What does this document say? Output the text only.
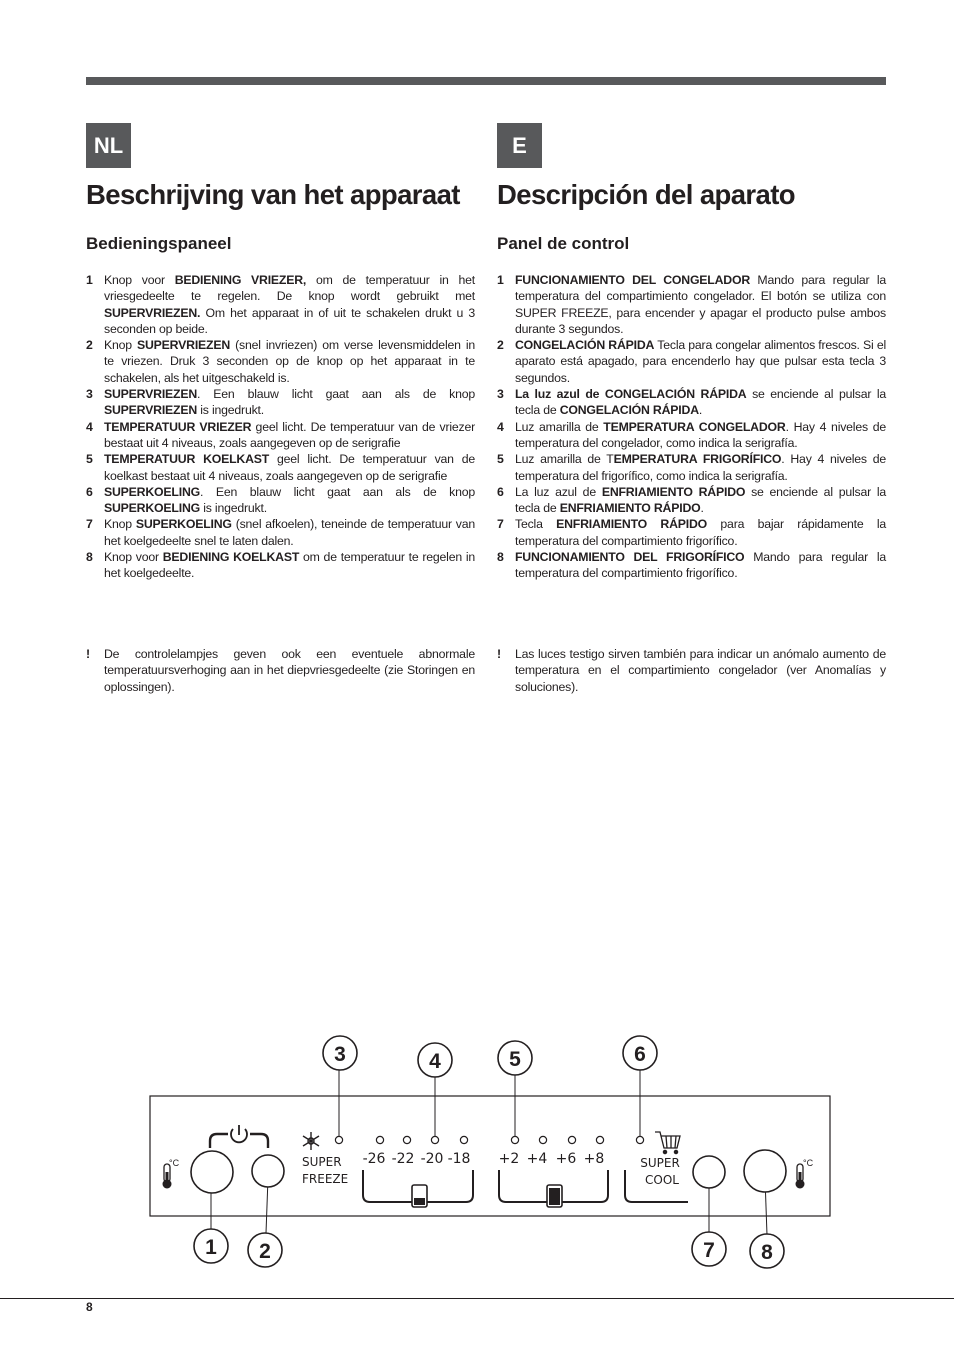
NL
Beschrijving van het apparaat
Bedieningspaneel
1 Knop voor BEDIENING VRIEZER, om de temperatuur in het vriesgedeelte te regelen. De knop wordt gebruikt met SUPERVRIEZEN. Om het apparaat in of uit te schakelen drukt u 3 seconden op beide.
2 Knop SUPERVRIEZEN (snel invriezen) om verse levensmiddelen in te vriezen. Druk 3 seconden op de knop op het apparaat in te schakelen, als het uitgeschakeld is.
3 SUPERVRIEZEN. Een blauw licht gaat aan als de knop SUPERVRIEZEN is ingedrukt.
4 TEMPERATUUR VRIEZER geel licht. De temperatuur van de vriezer bestaat uit 4 niveaus, zoals aangegeven op de serigrafie
5 TEMPERATUUR KOELKAST geel licht. De temperatuur van de koelkast bestaat uit 4 niveaus, zoals aangegeven op de serigrafie
6 SUPERKOELING. Een blauw licht gaat aan als de knop SUPERKOELING is ingedrukt.
7 Knop SUPERKOELING (snel afkoelen), teneinde de temperatuur van het koelgedeelte snel te laten dalen.
8 Knop voor BEDIENING KOELKAST om de temperatuur te regelen in het koelgedeelte.
E
Descripción del aparato
Panel de control
1 FUNCIONAMIENTO DEL CONGELADOR Mando para regular la temperatura del compartimiento congelador. El botón se utiliza con SUPER FREEZE, para encender y apagar el producto pulse ambos durante 3 segundos.
2 CONGELACIÓN RÁPIDA Tecla para congelar alimentos frescos. Si el aparato está apagado, para encenderlo hay que pulsar esta tecla 3 segundos.
3 La luz azul de CONGELACIÓN RÁPIDA se enciende al pulsar la tecla de CONGELACIÓN RÁPIDA.
4 Luz amarilla de TEMPERATURA CONGELADOR. Hay 4 niveles de temperatura del congelador, como indica la serigrafía.
5 Luz amarilla de TEMPERATURA FRIGORÍFICO. Hay 4 niveles de temperatura del frigorífico, como indica la serigrafía.
6 La luz azul de ENFRIAMIENTO RÁPIDO se enciende al pulsar la tecla de ENFRIAMIENTO RÁPIDO.
7 Tecla ENFRIAMIENTO RÁPIDO para bajar rápidamente la temperatura del compartimiento frigorífico.
8 FUNCIONAMIENTO DEL FRIGORÍFICO Mando para regular la temperatura del compartimiento frigorífico.
! De controlelampjes geven ook een eventuele abnormale temperatuursverhoging aan in het diepvriesgedeelte (zie Storingen en oplossingen).
! Las luces testigo sirven también para indicar un anómalo aumento de temperatura en el compartimiento congelador (ver Anomalías y soluciones).
3	4	5	6
1 2	7 8
°C	SUPER
FREEZE
-26 -22 -20 -18 +2 +4 +6 +8	SUPER
COOL
°C
8
